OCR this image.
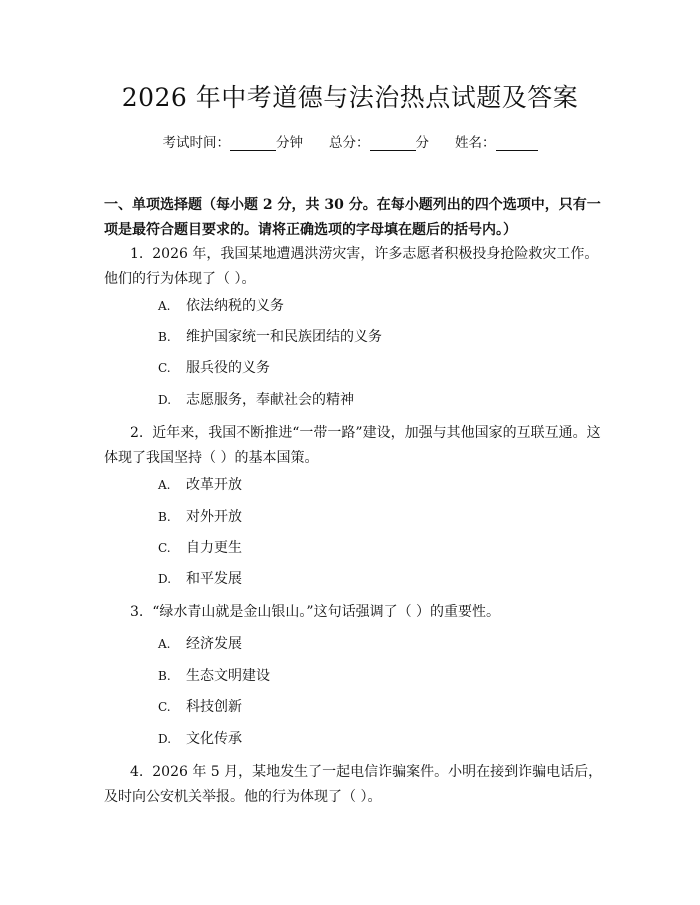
2026 年中考道德与法治热点试题及答案
考试时间：	分钟 总分：	分 姓名：
一、单项选择题（每小题 2 分，共 30 分。在每小题列出的四个选项中，只有一项是最符合题目要求的。请将正确选项的字母填在题后的括号内。）
1. 2026 年，我国某地遭遇洪涝灾害，许多志愿者积极投身抢险救灾工作。他们的行为体现了（ ）。
A. 依法纳税的义务
B. 维护国家统一和民族团结的义务
C. 服兵役的义务
D. 志愿服务，奉献社会的精神
2. 近年来，我国不断推进“一带一路”建设，加强与其他国家的互联互通。这体现了我国坚持（ ）的基本国策。
A. 改革开放
B. 对外开放
C. 自力更生
D. 和平发展
3. “绿水青山就是金山银山。”这句话强调了（ ）的重要性。
A. 经济发展
B. 生态文明建设
C. 科技创新
D. 文化传承
4. 2026 年 5 月，某地发生了一起电信诈骗案件。小明在接到诈骗电话后，及时向公安机关举报。他的行为体现了（ ）。
